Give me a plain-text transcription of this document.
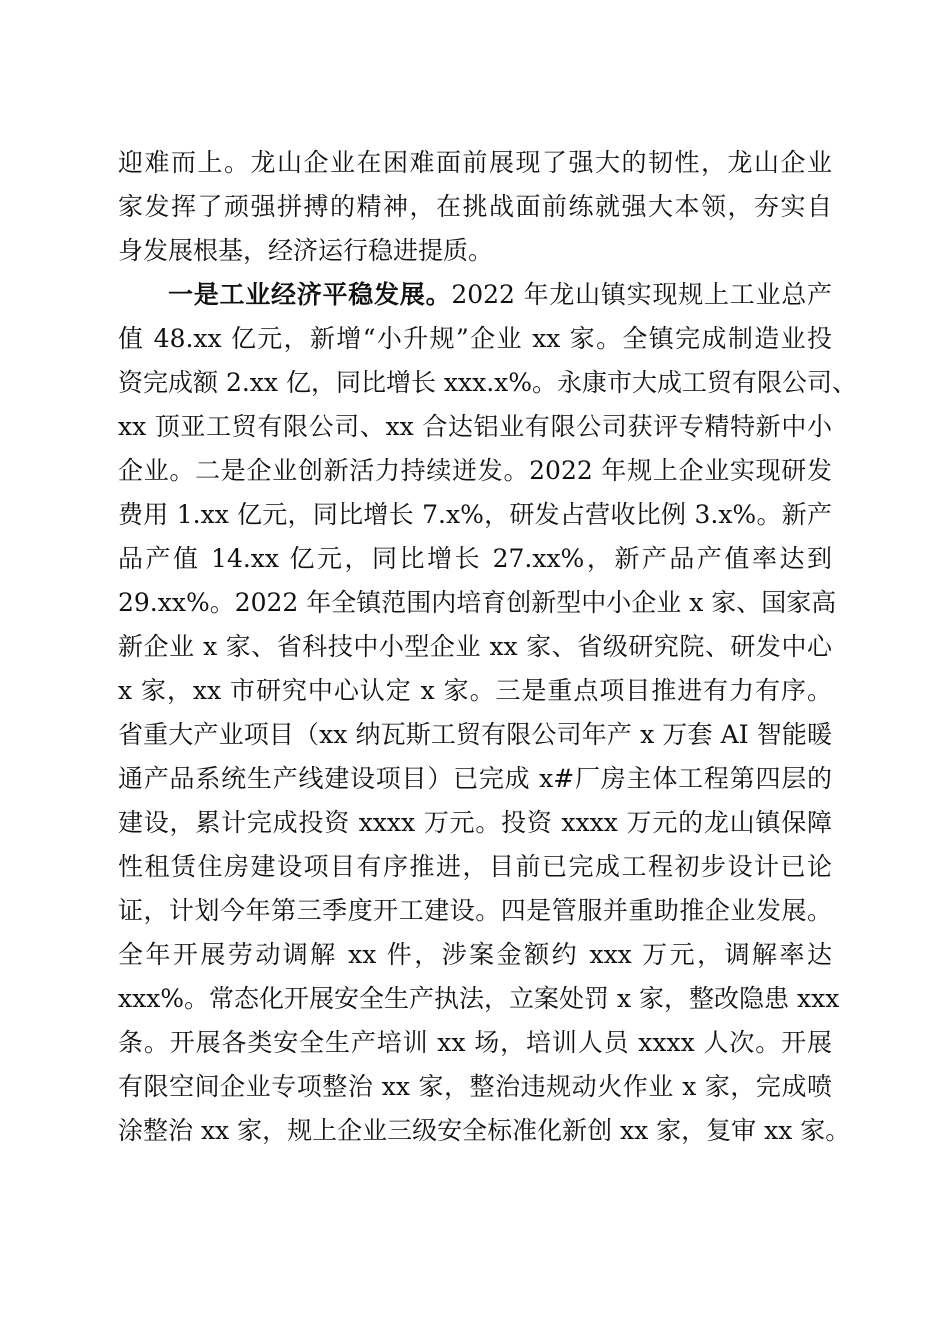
迎难而上。龙山企业在困难面前展现了强大的韧性，龙山企业
家发挥了顽强拼搏的精神，在挑战面前练就强大本领，夯实自
身发展根基，经济运行稳进提质。
一是工业经济平稳发展。2022 年龙山镇实现规上工业总产
值 48.xx 亿元，新增“小升规”企业 xx 家。全镇完成制造业投
资完成额 2.xx 亿，同比增长 xxx.x%。永康市大成工贸有限公司、
xx 顶亚工贸有限公司、xx 合达铝业有限公司获评专精特新中小
企业。二是企业创新活力持续迸发。2022 年规上企业实现研发
费用 1.xx 亿元，同比增长 7.x%，研发占营收比例 3.x%。新产
品产值 14.xx 亿元，同比增长 27.xx%，新产品产值率达到
29.xx%。2022 年全镇范围内培育创新型中小企业 x 家、国家高
新企业 x 家、省科技中小型企业 xx 家、省级研究院、研发中心
x 家，xx 市研究中心认定 x 家。三是重点项目推进有力有序。
省重大产业项目（xx 纳瓦斯工贸有限公司年产 x 万套 AI 智能暖
通产品系统生产线建设项目）已完成 x#厂房主体工程第四层的
建设，累计完成投资 xxxx 万元。投资 xxxx 万元的龙山镇保障
性租赁住房建设项目有序推进，目前已完成工程初步设计已论
证，计划今年第三季度开工建设。四是管服并重助推企业发展。
全年开展劳动调解 xx 件，涉案金额约 xxx 万元，调解率达
xxx%。常态化开展安全生产执法，立案处罚 x 家，整改隐患 xxx
条。开展各类安全生产培训 xx 场，培训人员 xxxx 人次。开展
有限空间企业专项整治 xx 家，整治违规动火作业 x 家，完成喷
涂整治 xx 家，规上企业三级安全标准化新创 xx 家，复审 xx 家。
